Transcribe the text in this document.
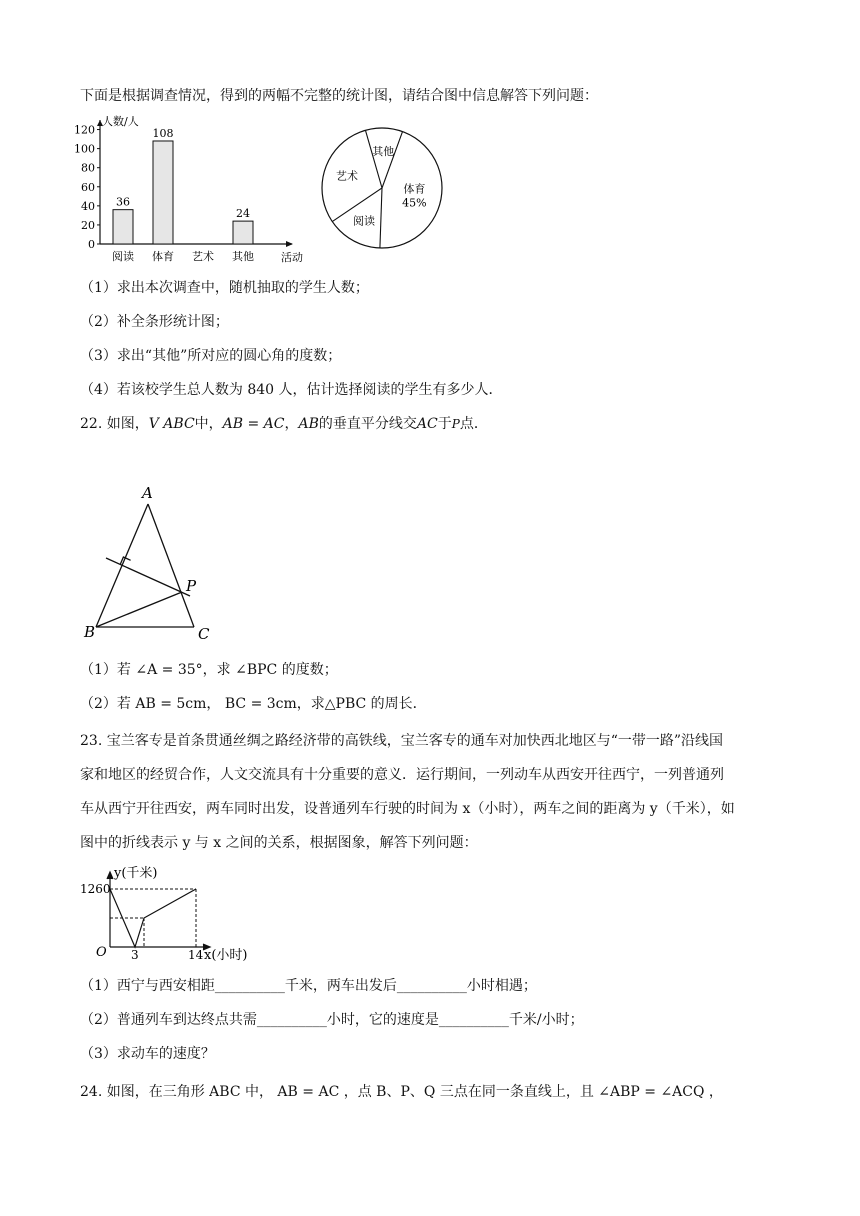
下面是根据调查情况，得到的两幅不完整的统计图，请结合图中信息解答下列问题：
0
20
40
60
80
100
120
人数/人
活动
36
阅读
108
体育 艺术
24
其他
体育
45%
阅读
艺术
其他
（1）求出本次调查中，随机抽取的学生人数；
（2）补全条形统计图；
（3）求出“其他”所对应的圆心角的度数；
（4）若该校学生总人数为 840 人，估计选择阅读的学生有多少人．
22. 如图，V ABC中，AB = AC，AB的垂直平分线交AC于P点．
A
B	C
P
（1）若 ∠A = 35°，求 ∠BPC 的度数；
（2）若 AB = 5cm， BC = 3cm，求△PBC 的周长．
23. 宝兰客专是首条贯通丝绸之路经济带的高铁线，宝兰客专的通车对加快西北地区与“一带一路”沿线国
家和地区的经贸合作，人文交流具有十分重要的意义．运行期间，一列动车从西安开往西宁，一列普通列
车从西宁开往西安，两车同时出发，设普通列车行驶的时间为 x（小时），两车之间的距离为 y（千米），如
图中的折线表示 y 与 x 之间的关系，根据图象，解答下列问题：
y(千米)
1260
O 3	14 x(小时)
（1）西宁与西安相距__________千米，两车出发后__________小时相遇；
（2）普通列车到达终点共需__________小时，它的速度是__________千米/小时；
（3）求动车的速度？
24. 如图，在三角形 ABC 中， AB = AC ，点 B、P、Q 三点在同一条直线上，且 ∠ABP = ∠ACQ ，
